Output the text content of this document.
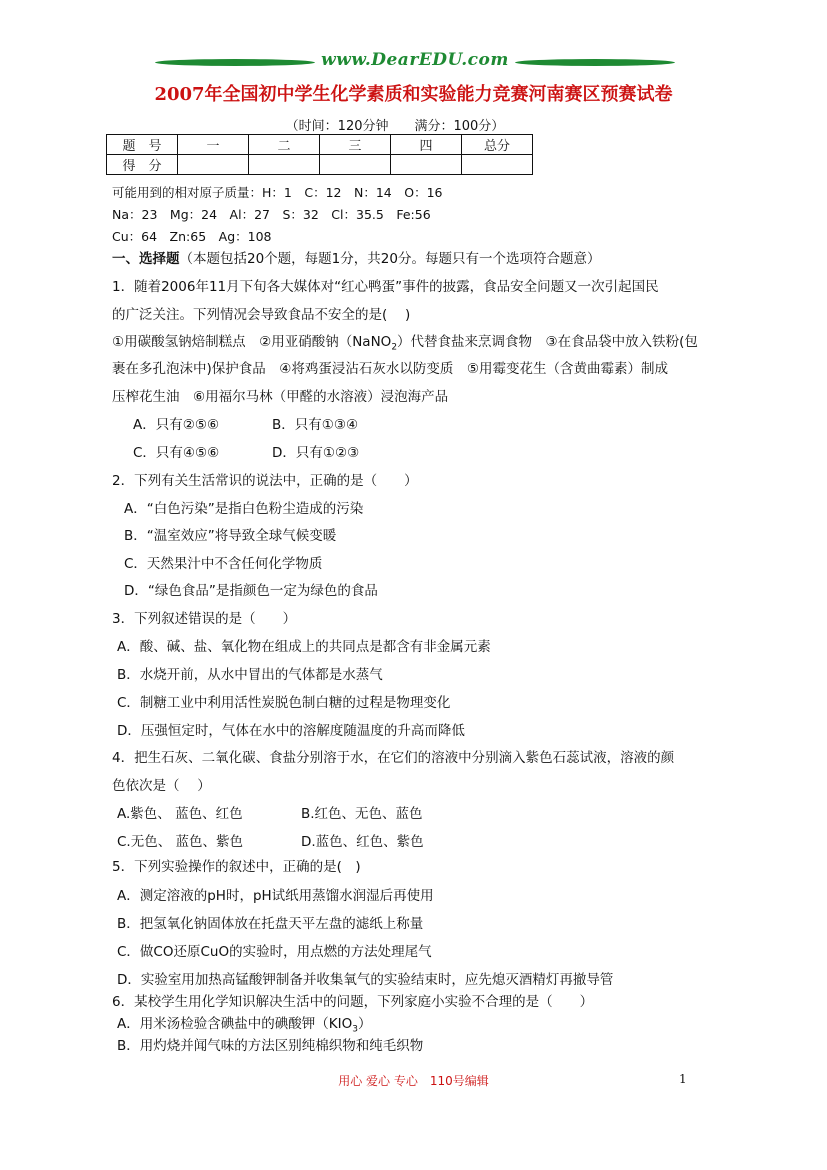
www.DearEDU.com
2007年全国初中学生化学素质和实验能力竞赛河南赛区预赛试卷
（时间：120分钟　　满分：100分）
题　号	一	二	三	四	总分
得　分					
可能用到的相对原子质量：H：1　C：12　N：14　O：16
Na：23　Mg：24　Al：27　S：32　Cl：35.5　Fe:56
Cu：64　Zn:65　Ag：108
一、选择题（本题包括20个题，每题1分，共20分。每题只有一个选项符合题意）
1．随着2006年11月下旬各大媒体对“红心鸭蛋”事件的披露，食品安全问题又一次引起国民
的广泛关注。下列情况会导致食品不安全的是(　 )
①用碳酸氢钠焙制糕点　②用亚硝酸钠（NaNO$_2$）代替食盐来烹调食物　③在食品袋中放入铁粉(包
裹在多孔泡沫中)保护食品　④将鸡蛋浸沾石灰水以防变质　⑤用霉变花生（含黄曲霉素）制成
压榨花生油　⑥用福尔马林（甲醛的水溶液）浸泡海产品
A．只有②⑤⑥	B．只有①③④
C．只有④⑤⑥	D．只有①②③
2．下列有关生活常识的说法中，正确的是（　　）
A．“白色污染”是指白色粉尘造成的污染
B．“温室效应”将导致全球气候变暖
C．天然果汁中不含任何化学物质
D．“绿色食品”是指颜色一定为绿色的食品
3．下列叙述错误的是（　　）
A．酸、碱、盐、氧化物在组成上的共同点是都含有非金属元素
B．水烧开前，从水中冒出的气体都是水蒸气
C．制糖工业中利用活性炭脱色制白糖的过程是物理变化
D．压强恒定时，气体在水中的溶解度随温度的升高而降低
4．把生石灰、二氧化碳、食盐分别溶于水，在它们的溶液中分别滴入紫色石蕊试液，溶液的颜
色依次是（　 ）
A.紫色、 蓝色、红色	B.红色、无色、蓝色
C.无色、 蓝色、紫色	D.蓝色、红色、紫色
5．下列实验操作的叙述中，正确的是(　)
A．测定溶液的pH时，pH试纸用蒸馏水润湿后再使用
B．把氢氧化钠固体放在托盘天平左盘的滤纸上称量
C．做CO还原CuO的实验时，用点燃的方法处理尾气
D．实验室用加热高锰酸钾制备并收集氧气的实验结束时，应先熄灭酒精灯再撤导管
6．某校学生用化学知识解决生活中的问题，下列家庭小实验不合理的是（　　）
A．用米汤检验含碘盐中的碘酸钾$(KIO_3)$
B．用灼烧并闻气味的方法区别纯棉织物和纯毛织物
用心 爱心 专心　110号编辑	1
